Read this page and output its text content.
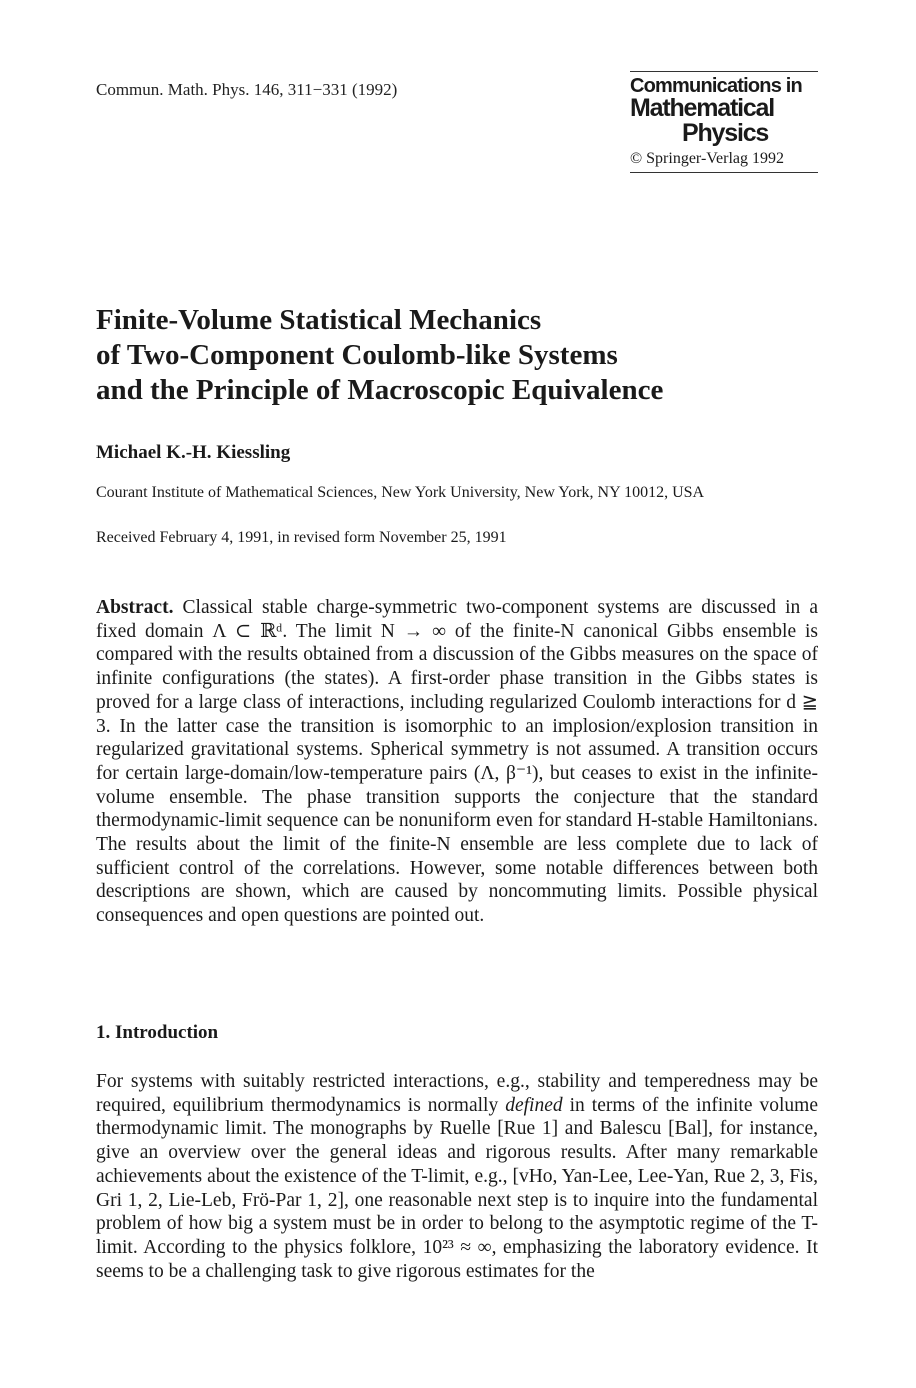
Commun. Math. Phys. 146, 311−331 (1992)	Communications in
Mathematical
Physics
© Springer-Verlag 1992
Finite-Volume Statistical Mechanics
of Two-Component Coulomb-like Systems
and the Principle of Macroscopic Equivalence
Michael K.-H. Kiessling
Courant Institute of Mathematical Sciences, New York University, New York, NY 10012, USA
Received February 4, 1991, in revised form November 25, 1991
Abstract. Classical stable charge-symmetric two-component systems are discussed in a fixed domain Λ ⊂ ℝᵈ. The limit N → ∞ of the finite-N canonical Gibbs ensemble is compared with the results obtained from a discussion of the Gibbs measures on the space of infinite configurations (the states). A first-order phase transition in the Gibbs states is proved for a large class of interactions, including regularized Coulomb interactions for d ≧ 3. In the latter case the transition is isomorphic to an implosion/explosion transition in regularized gravitational systems. Spherical symmetry is not assumed. A transition occurs for certain large-domain/low-temperature pairs (Λ, β⁻¹), but ceases to exist in the infinite-volume ensemble. The phase transition supports the conjecture that the standard thermodynamic-limit sequence can be nonuniform even for standard H-stable Hamiltonians. The results about the limit of the finite-N ensemble are less complete due to lack of sufficient control of the correlations. However, some notable differences between both descriptions are shown, which are caused by noncommuting limits. Possible physical consequences and open questions are pointed out.
1. Introduction
For systems with suitably restricted interactions, e.g., stability and temperedness may be required, equilibrium thermodynamics is normally defined in terms of the infinite volume thermodynamic limit. The monographs by Ruelle [Rue 1] and Balescu [Bal], for instance, give an overview over the general ideas and rigorous results. After many remarkable achievements about the existence of the T-limit, e.g., [vHo, Yan-Lee, Lee-Yan, Rue 2, 3, Fis, Gri 1, 2, Lie-Leb, Frö-Par 1, 2], one reasonable next step is to inquire into the fundamental problem of how big a system must be in order to belong to the asymptotic regime of the T-limit. According to the physics folklore, 10²³ ≈ ∞, emphasizing the laboratory evidence. It seems to be a challenging task to give rigorous estimates for the
